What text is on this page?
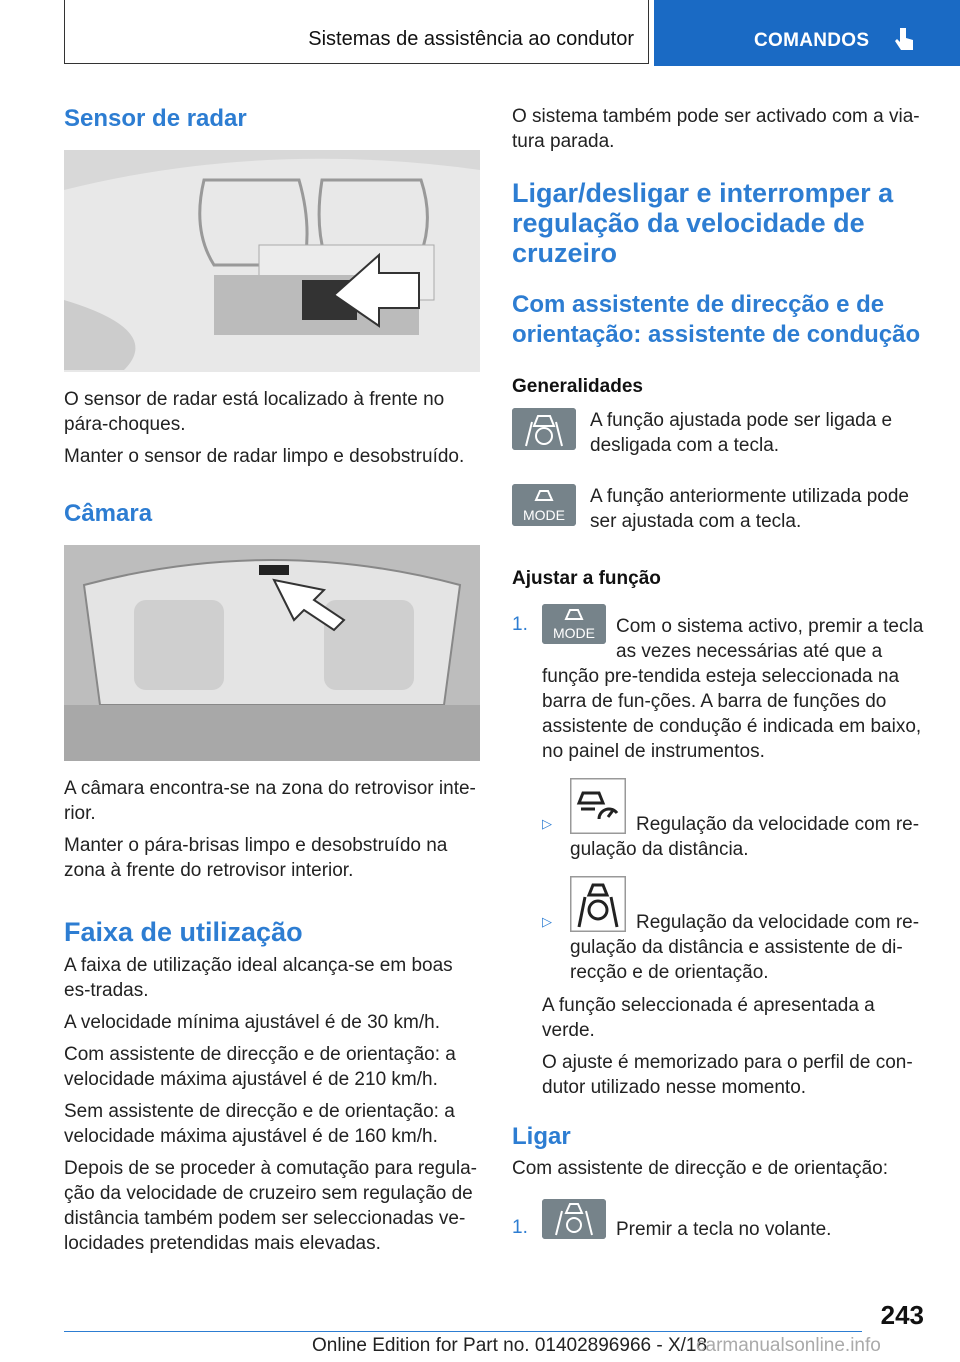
Sistemas de assistência ao condutor	COMANDOS
Sensor de radar

O sensor de radar está localizado à frente no pára-choques.

Manter o sensor de radar limpo e desobstruído.

Câmara

A câmara encontra-se na zona do retrovisor inte-rior.

Manter o pára-brisas limpo e desobstruído na zona à frente do retrovisor interior.

Faixa de utilização

A faixa de utilização ideal alcança-se em boas es-tradas.

A velocidade mínima ajustável é de 30 km/h.

Com assistente de direcção e de orientação: a velocidade máxima ajustável é de 210 km/h.

Sem assistente de direcção e de orientação: a velocidade máxima ajustável é de 160 km/h.

Depois de se proceder à comutação para regula-ção da velocidade de cruzeiro sem regulação de distância também podem ser seleccionadas ve-locidades pretendidas mais elevadas.

O sistema também pode ser activado com a via-tura parada.

Ligar/desligar e interromper a regulação da velocidade de cruzeiro
Com assistente de direcção e de orientação: assistente de condução
Generalidades

A função ajustada pode ser ligada e desligada com a tecla.

MODE

A função anteriormente utilizada pode ser ajustada com a tecla.

Ajustar a função
1. MODE	Com o sistema activo, premir a tecla as vezes necessárias até que a função pre-tendida esteja seleccionada na barra de fun-ções. A barra de funções do assistente de condução é indicada em baixo, no painel de instrumentos.

▷	Regulação da velocidade com re-gulação da distância.

▷	Regulação da velocidade com re-gulação da distância e assistente de di-recção e de orientação.

A função seleccionada é apresentada a verde.

O ajuste é memorizado para o perfil de con-dutor utilizado nesse momento.

Ligar

Com assistente de direcção e de orientação:

1.	Premir a tecla no volante.

243
Online Edition for Part no. 01402896966 - X/18
carmanualsonline.info
